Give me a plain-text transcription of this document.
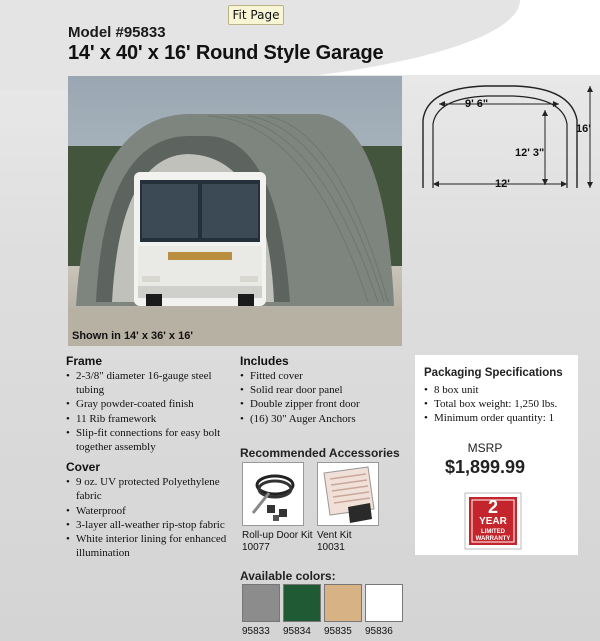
Fit Page
Model #95833
14' x 40' x 16' Round Style Garage
Shown in 14' x 36' x 16'
9' 6"
16'
12' 3"
12'
Frame
• 2-3/8" diameter 16-gauge steel tubing
• Gray powder-coated finish
• 11 Rib framework
• Slip-fit connections for easy bolt together assembly
Cover
• 9 oz. UV protected Polyethylene fabric
• Waterproof
• 3-layer all-weather rip-stop fabric
• White interior lining for enhanced illumination
Includes
• Fitted cover
• Solid rear door panel
• Double zipper front door
• (16) 30" Auger Anchors
Recommended Accessories
Roll-up Door Kit
10077
Vent Kit
10031
Available colors:
95833 95834 95835 95836
Packaging Specifications
• 8 box unit
• Total box weight: 1,250 lbs.
• Minimum order quantity: 1
MSRP
$1,899.99
2
YEAR
LIMITED WARRANTY
